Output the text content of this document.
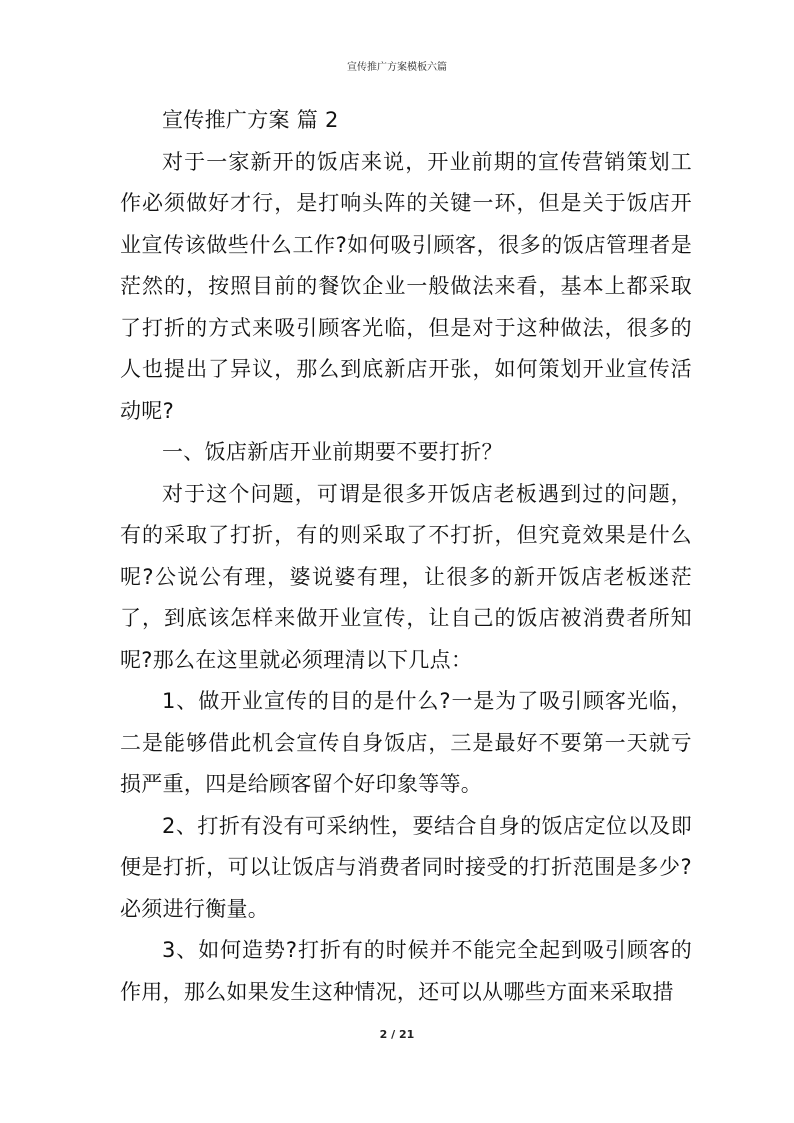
宣传推广方案模板六篇

宣传推广方案 篇 2

对于一家新开的饭店来说，开业前期的宣传营销策划工作必须做好才行，是打响头阵的关键一环，但是关于饭店开业宣传该做些什么工作?如何吸引顾客，很多的饭店管理者是茫然的，按照目前的餐饮企业一般做法来看，基本上都采取了打折的方式来吸引顾客光临，但是对于这种做法，很多的人也提出了异议，那么到底新店开张，如何策划开业宣传活动呢?

一、饭店新店开业前期要不要打折？

对于这个问题，可谓是很多开饭店老板遇到过的问题，有的采取了打折，有的则采取了不打折，但究竟效果是什么呢?公说公有理，婆说婆有理，让很多的新开饭店老板迷茫了，到底该怎样来做开业宣传，让自己的饭店被消费者所知呢?那么在这里就必须理清以下几点：

1、做开业宣传的目的是什么?一是为了吸引顾客光临，二是能够借此机会宣传自身饭店，三是最好不要第一天就亏损严重，四是给顾客留个好印象等等。

2、打折有没有可采纳性，要结合自身的饭店定位以及即便是打折，可以让饭店与消费者同时接受的打折范围是多少?必须进行衡量。

3、如何造势?打折有的时候并不能完全起到吸引顾客的作用，那么如果发生这种情况，还可以从哪些方面来采取措

2 / 21
